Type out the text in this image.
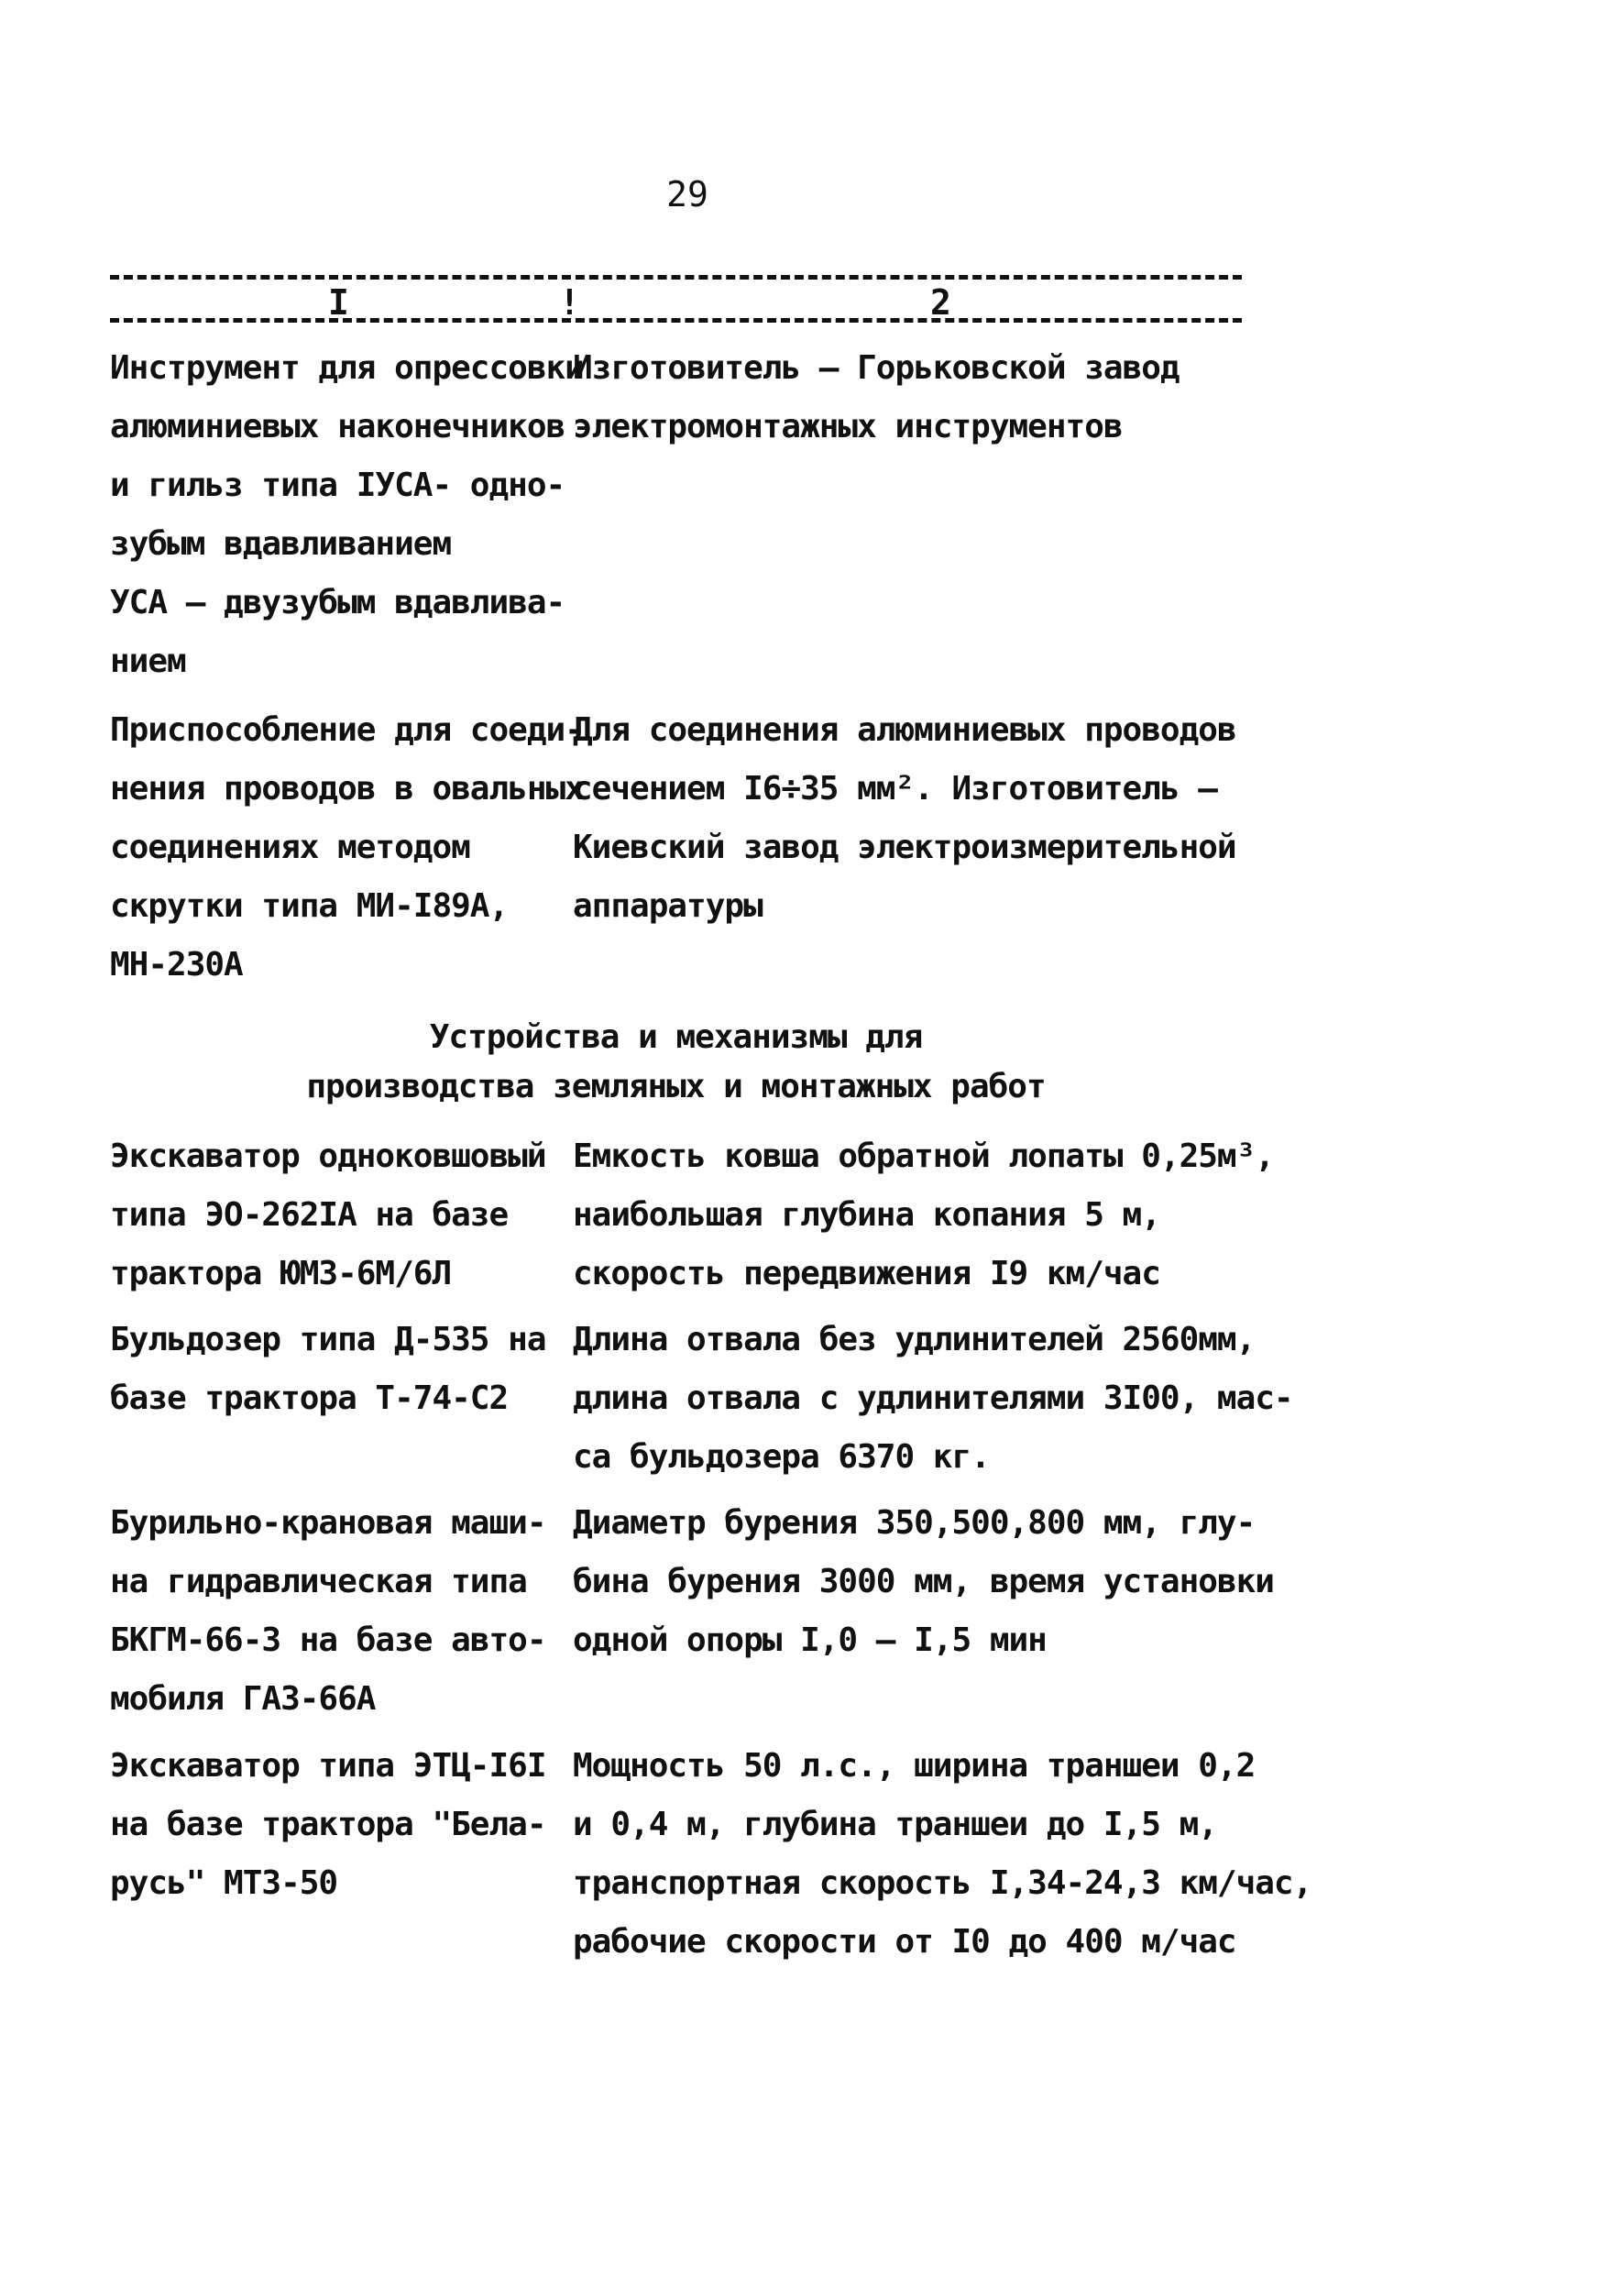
29
I	!	2
Инструмент для опрессовки
алюминиевых наконечников
и гильз типа IУСА- одно-
зубым вдавливанием
УСА – двузубым вдавлива-
нием
Изготовитель – Горьковской завод
электромонтажных инструментов
Приспособление для соеди-
нения проводов в овальных
соединениях методом
скрутки типа МИ-I89А,
МН-230А
Для соединения алюминиевых проводов
сечением I6÷35 мм². Изготовитель –
Киевский завод электроизмерительной
аппаратуры
Устройства и механизмы для
производства земляных и монтажных работ
Экскаватор одноковшовый
типа ЭО-262IА на базе
трактора ЮМЗ-6М/6Л
Емкость ковша обратной лопаты 0,25м³,
наибольшая глубина копания 5 м,
скорость передвижения I9 км/час
Бульдозер типа Д-535 на
базе трактора Т-74-С2
Длина отвала без удлинителей 2560мм,
длина отвала с удлинителями 3I00, мас-
са бульдозера 6370 кг.
Бурильно-крановая маши-
на гидравлическая типа
БКГМ-66-3 на базе авто-
мобиля ГАЗ-66А
Диаметр бурения 350,500,800 мм, глу-
бина бурения 3000 мм, время установки
одной опоры I,0 – I,5 мин
Экскаватор типа ЭТЦ-I6I
на базе трактора "Бела-
русь" МТЗ-50
Мощность 50 л.с., ширина траншеи 0,2
и 0,4 м, глубина траншеи до I,5 м,
транспортная скорость I,34-24,3 км/час,
рабочие скорости от I0 до 400 м/час
